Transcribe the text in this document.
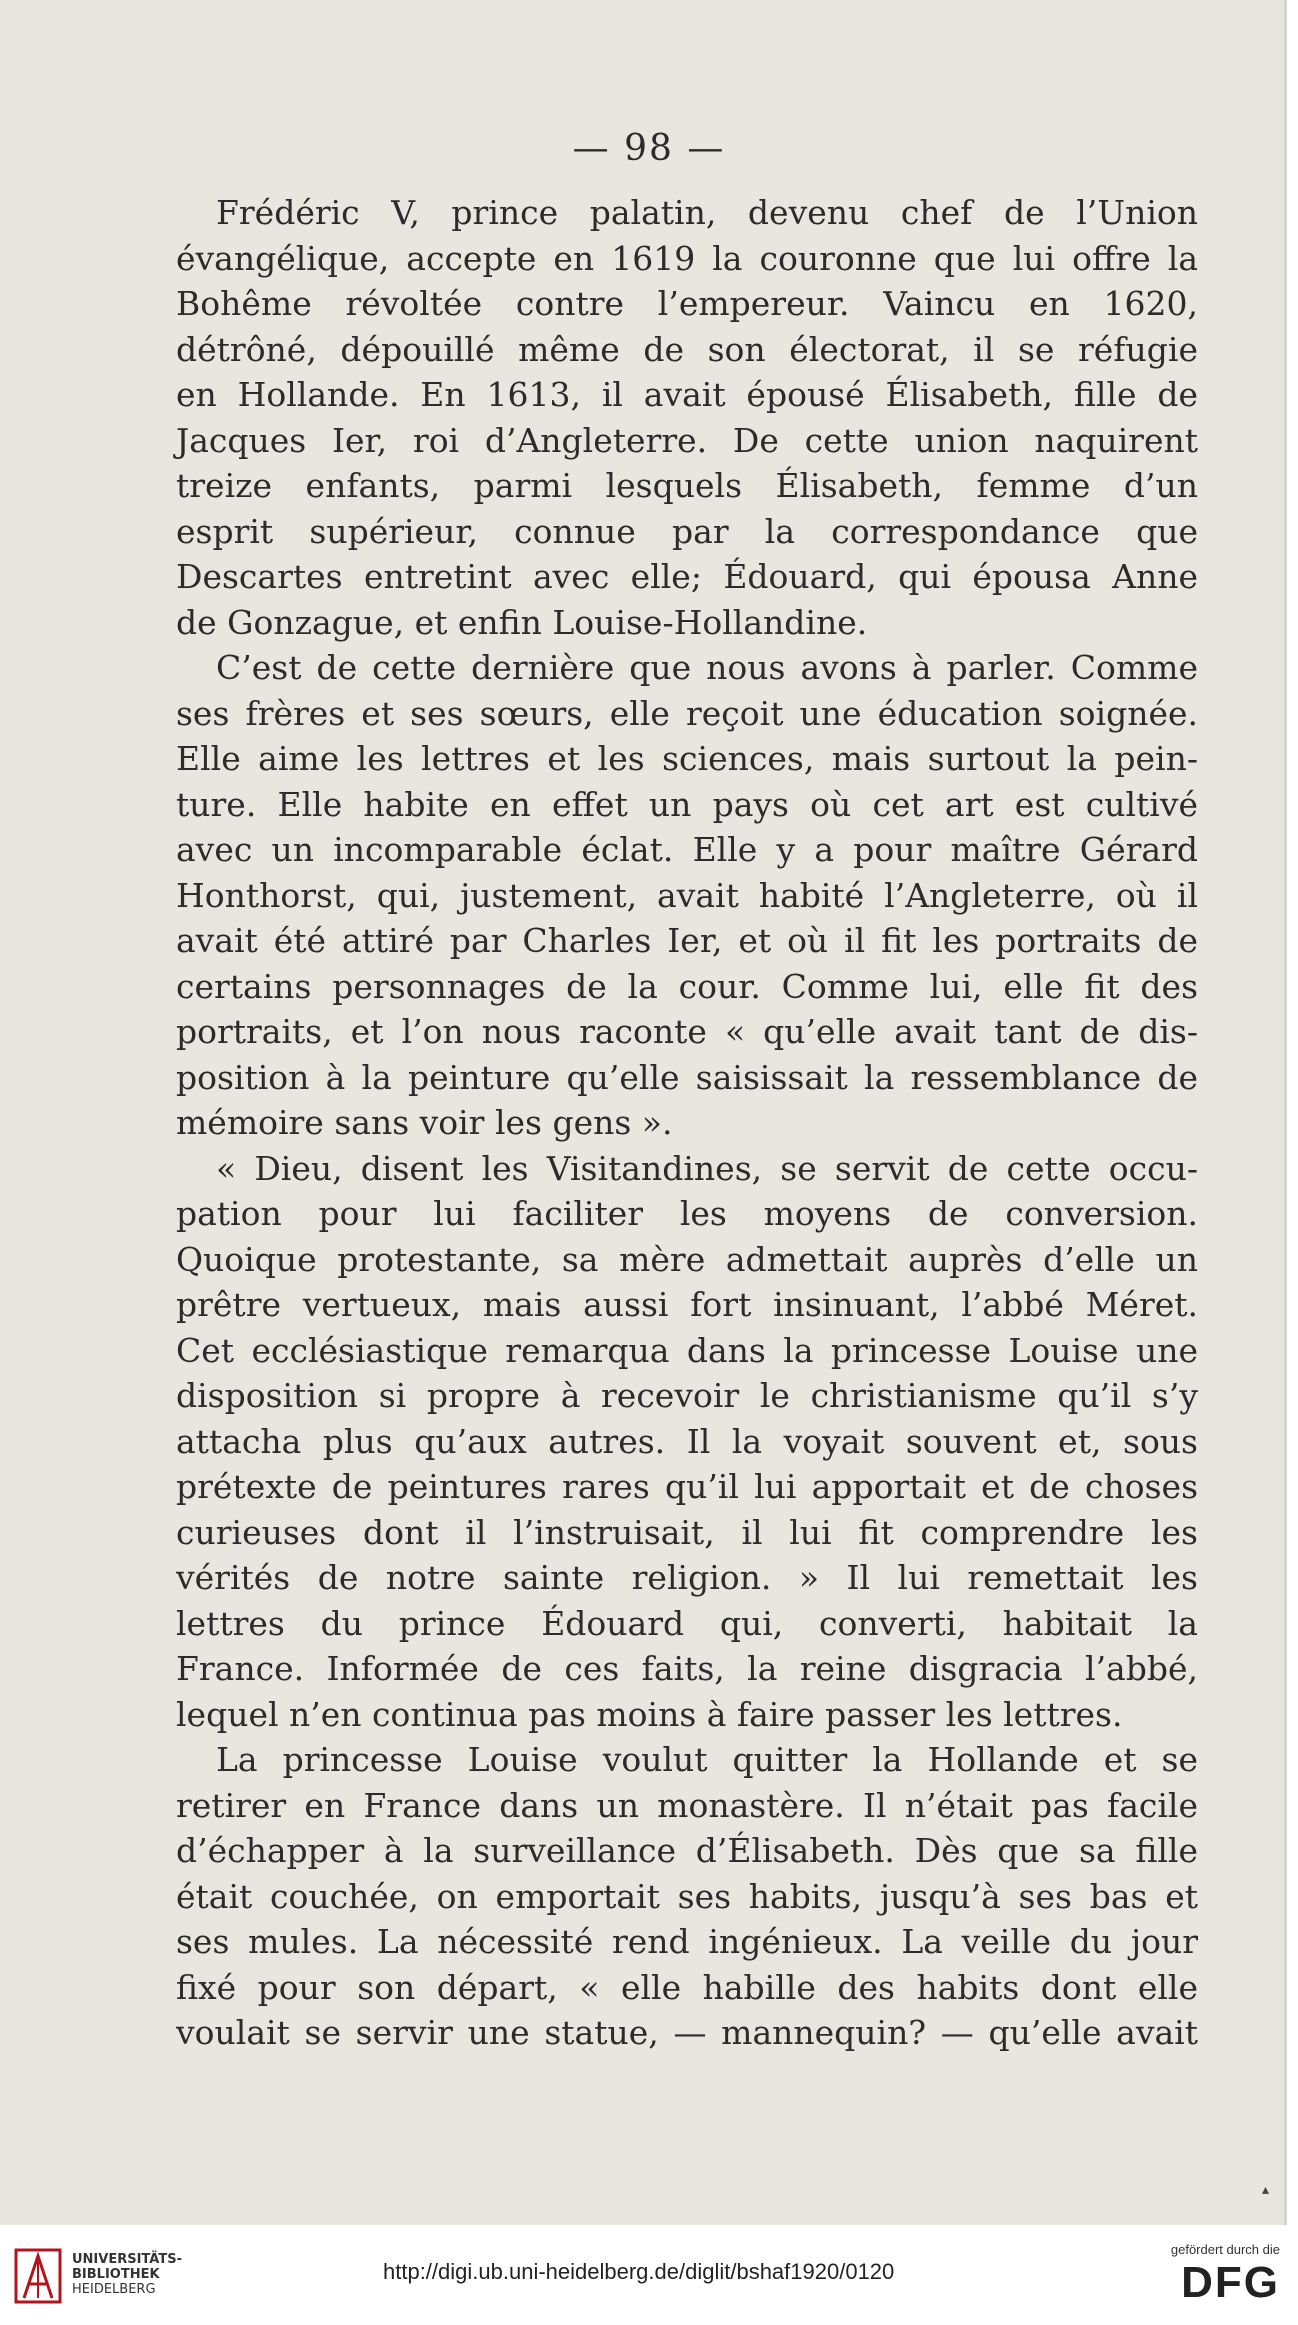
— 98 —
Frédéric V, prince palatin, devenu chef de l’Union
évangélique, accepte en 1619 la couronne que lui offre la
Bohême révoltée contre l’empereur. Vaincu en 1620,
détrôné, dépouillé même de son électorat, il se réfugie
en Hollande. En 1613, il avait épousé Élisabeth, fille de
Jacques Ier, roi d’Angleterre. De cette union naquirent
treize enfants, parmi lesquels Élisabeth, femme d’un
esprit supérieur, connue par la correspondance que
Descartes entretint avec elle; Édouard, qui épousa Anne
de Gonzague, et enfin Louise-Hollandine.
C’est de cette dernière que nous avons à parler. Comme
ses frères et ses sœurs, elle reçoit une éducation soignée.
Elle aime les lettres et les sciences, mais surtout la pein-
ture. Elle habite en effet un pays où cet art est cultivé
avec un incomparable éclat. Elle y a pour maître Gérard
Honthorst, qui, justement, avait habité l’Angleterre, où il
avait été attiré par Charles Ier, et où il fit les portraits de
certains personnages de la cour. Comme lui, elle fit des
portraits, et l’on nous raconte « qu’elle avait tant de dis-
position à la peinture qu’elle saisissait la ressemblance de
mémoire sans voir les gens ».
« Dieu, disent les Visitandines, se servit de cette occu-
pation pour lui faciliter les moyens de conversion.
Quoique protestante, sa mère admettait auprès d’elle un
prêtre vertueux, mais aussi fort insinuant, l’abbé Méret.
Cet ecclésiastique remarqua dans la princesse Louise une
disposition si propre à recevoir le christianisme qu’il s’y
attacha plus qu’aux autres. Il la voyait souvent et, sous
prétexte de peintures rares qu’il lui apportait et de choses
curieuses dont il l’instruisait, il lui fit comprendre les
vérités de notre sainte religion. » Il lui remettait les
lettres du prince Édouard qui, converti, habitait la
France. Informée de ces faits, la reine disgracia l’abbé,
lequel n’en continua pas moins à faire passer les lettres.
La princesse Louise voulut quitter la Hollande et se
retirer en France dans un monastère. Il n’était pas facile
d’échapper à la surveillance d’Élisabeth. Dès que sa fille
était couchée, on emportait ses habits, jusqu’à ses bas et
ses mules. La nécessité rend ingénieux. La veille du jour
fixé pour son départ, « elle habille des habits dont elle
voulait se servir une statue, — mannequin? — qu’elle avait
▴
UNIVERSITÄTS-
BIBLIOTHEK
HEIDELBERG
http://digi.ub.uni-heidelberg.de/diglit/bshaf1920/0120
gefördert durch die
DFG
